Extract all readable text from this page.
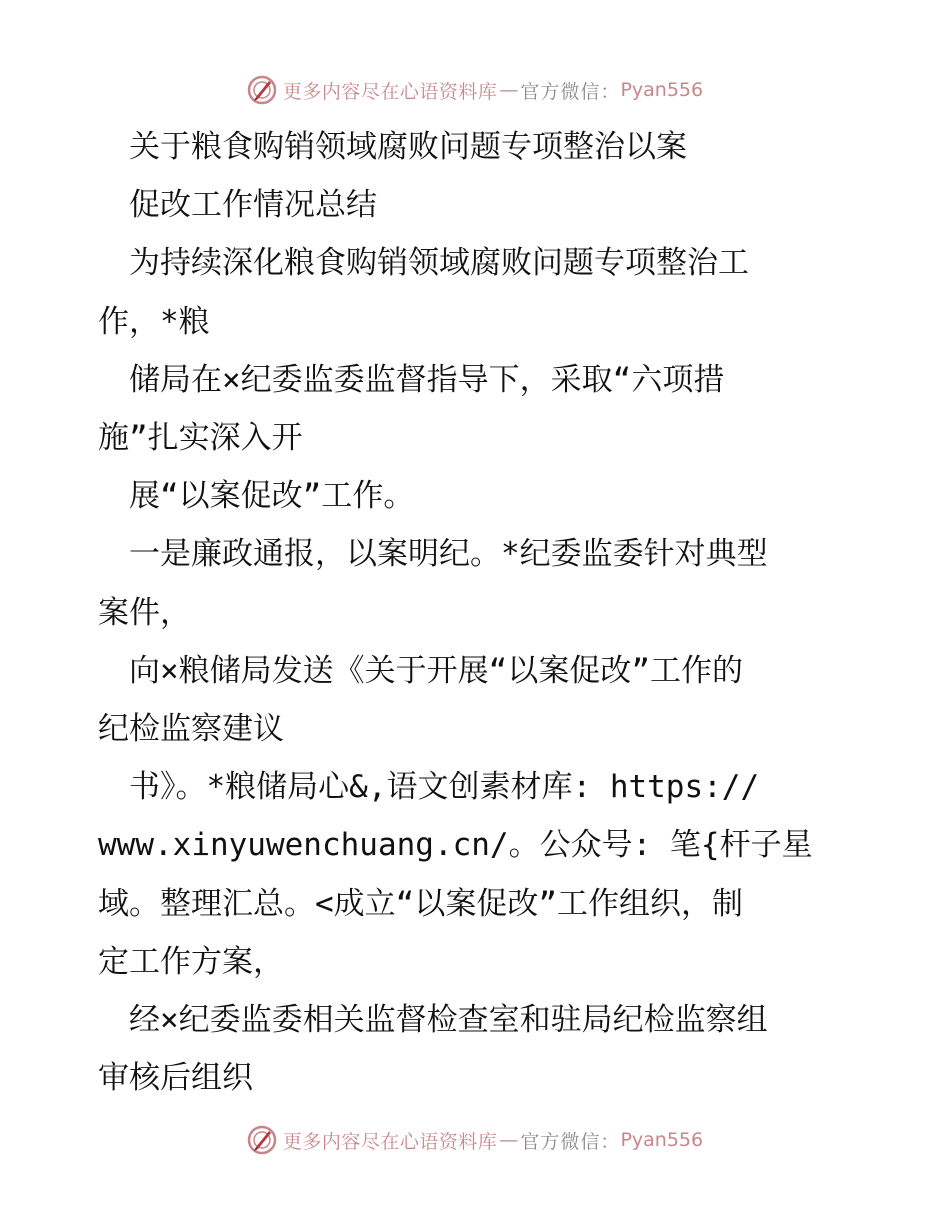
更多内容尽在心语资料库 — 官方微信： Pyan556

　关于粮食购销领域腐败问题专项整治以案

　促改工作情况总结

　为持续深化粮食购销领域腐败问题专项整治工

作，*粮

　储局在×纪委监委监督指导下，采取“六项措

施”扎实深入开

　展“以案促改”工作。

　一是廉政通报，以案明纪。*纪委监委针对典型

案件，

　向×粮储局发送《关于开展“以案促改”工作的

纪检监察建议

　书》。*粮储局心&,语文创素材库: https://

www.xinyuwenchuang.cn/。公众号: 笔{杆子星

域。整理汇总。<成立“以案促改”工作组织，制

定工作方案，

　经×纪委监委相关监督检查室和驻局纪检监察组

审核后组织

更多内容尽在心语资料库 — 官方微信： Pyan556
